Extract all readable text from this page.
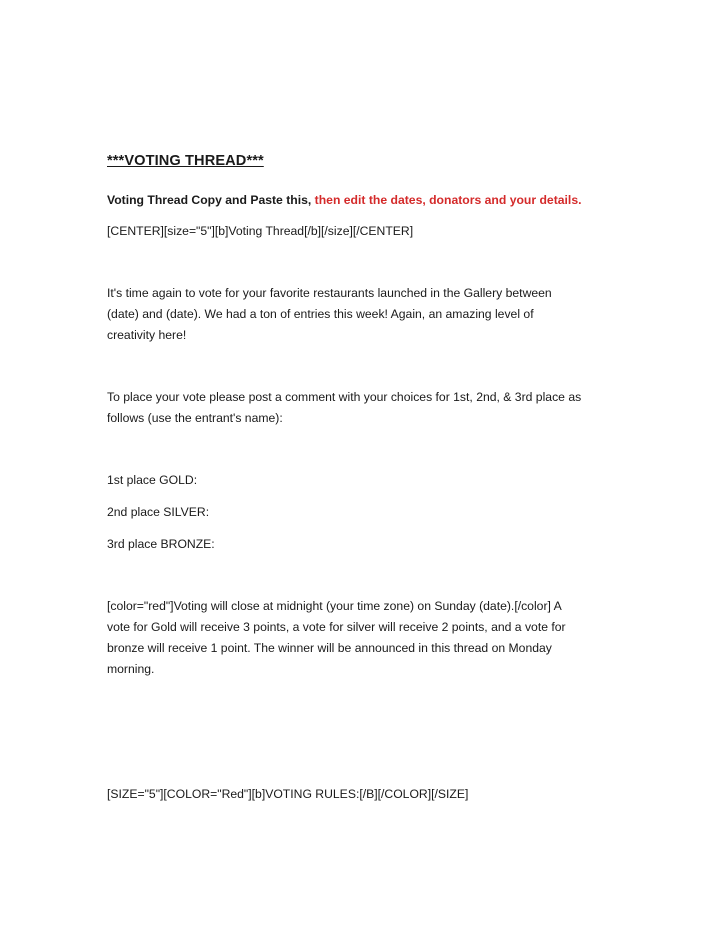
***VOTING THREAD***
Voting Thread Copy and Paste this, then edit the dates, donators and your details.
[CENTER][size="5"][b]Voting Thread[/b][/size][/CENTER]
It's time again to vote for your favorite restaurants launched in the Gallery between
(date) and (date). We had a ton of entries this week! Again, an amazing level of
creativity here!
To place your vote please post a comment with your choices for 1st, 2nd, & 3rd place as
follows (use the entrant's name):
1st place GOLD:
2nd place SILVER:
3rd place BRONZE:
[color="red"]Voting will close at midnight (your time zone) on Sunday (date).[/color] A
vote for Gold will receive 3 points, a vote for silver will receive 2 points, and a vote for
bronze will receive 1 point. The winner will be announced in this thread on Monday
morning.
[SIZE="5"][COLOR="Red"][b]VOTING RULES:[/B][/COLOR][/SIZE]
